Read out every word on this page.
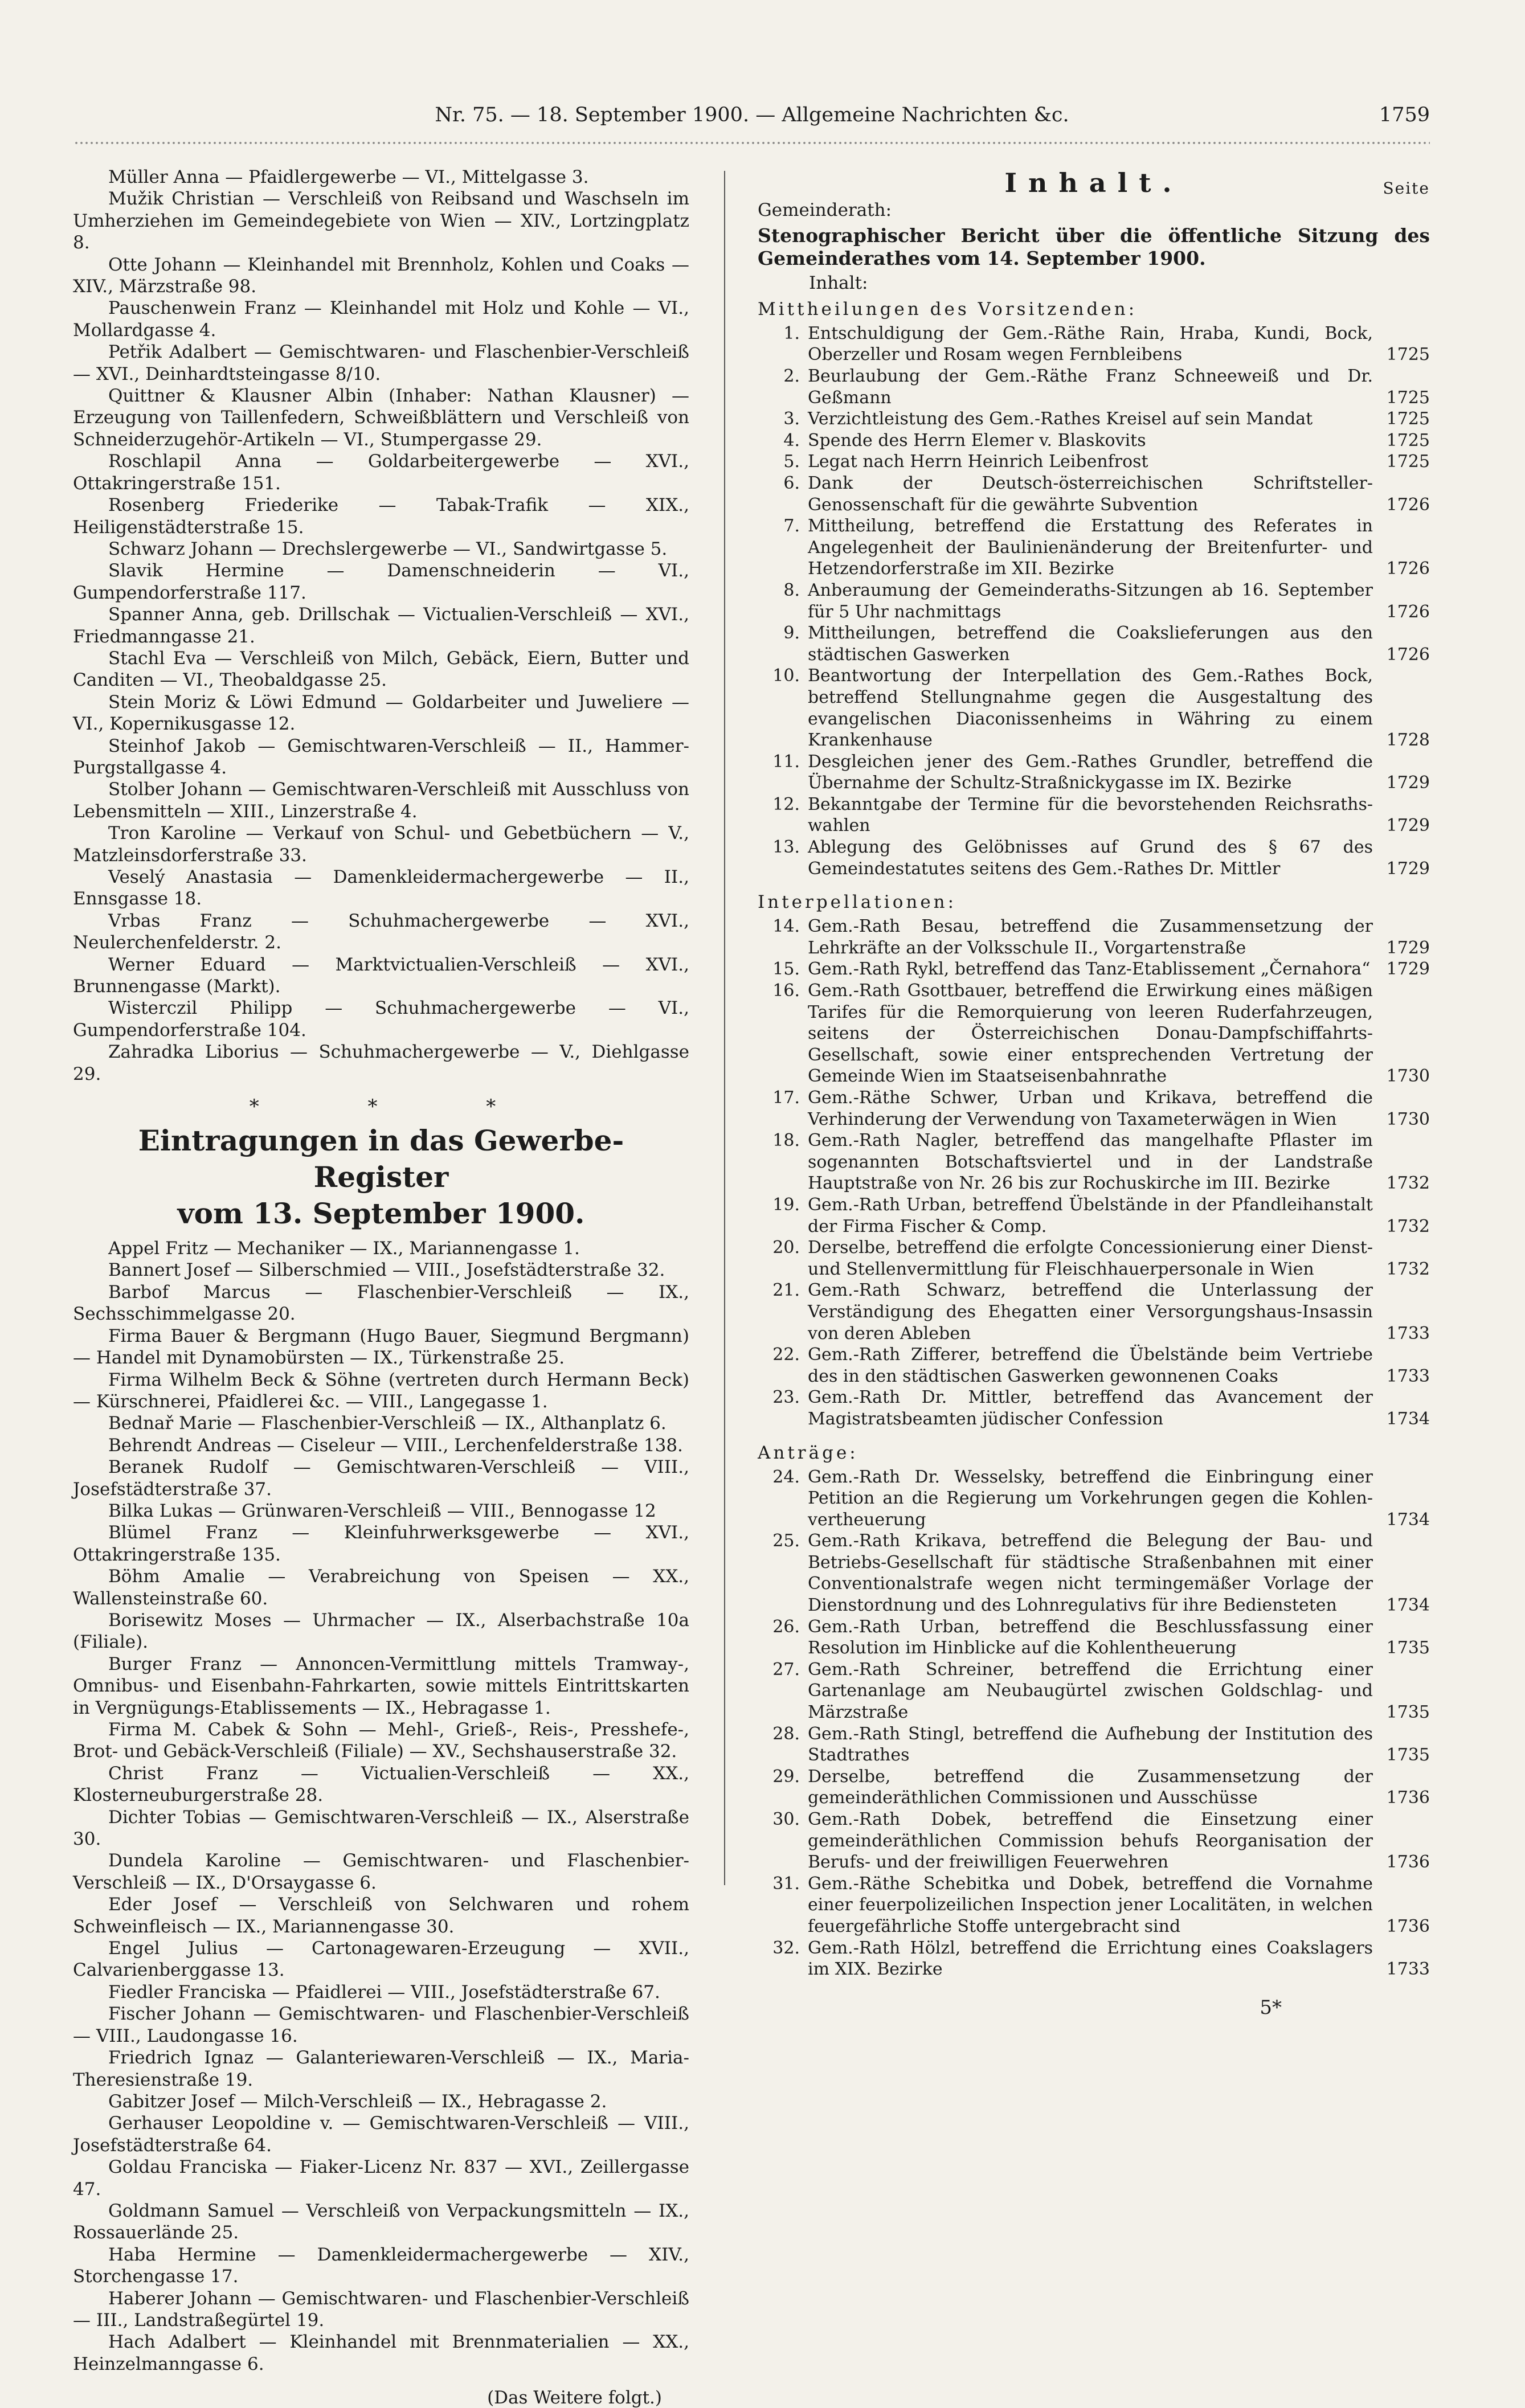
Nr. 75. — 18. September 1900. — Allgemeine Nachrichten &c.	1759
Müller Anna — Pfaidlergewerbe — VI., Mittelgasse 3.
Mužik Christian — Verschleiß von Reibsand und Waschseln im Umherziehen im Gemeindegebiete von Wien — XIV., Lortzingplatz 8.
Otte Johann — Kleinhandel mit Brennholz, Kohlen und Coaks — XIV., Märzstraße 98.
Pauschenwein Franz — Kleinhandel mit Holz und Kohle — VI., Mollardgasse 4.
Petřik Adalbert — Gemischtwaren- und Flaschenbier-Verschleiß — XVI., Deinhardtsteingasse 8/10.
Quittner & Klausner Albin (Inhaber: Nathan Klausner) — Erzeugung von Taillenfedern, Schweißblättern und Verschleiß von Schneiderzugehör-Artikeln — VI., Stumpergasse 29.
Roschlapil Anna — Goldarbeitergewerbe — XVI., Ottakringerstraße 151.
Rosenberg Friederike — Tabak-Trafik — XIX., Heiligenstädterstraße 15.
Schwarz Johann — Drechslergewerbe — VI., Sandwirtgasse 5.
Slavik Hermine — Damenschneiderin — VI., Gumpendorferstraße 117.
Spanner Anna, geb. Drillschak — Victualien-Verschleiß — XVI., Friedmanngasse 21.
Stachl Eva — Verschleiß von Milch, Gebäck, Eiern, Butter und Canditen — VI., Theobaldgasse 25.
Stein Moriz & Löwi Edmund — Goldarbeiter und Juweliere — VI., Kopernikusgasse 12.
Steinhof Jakob — Gemischtwaren-Verschleiß — II., Hammer-Purgstallgasse 4.
Stolber Johann — Gemischtwaren-Verschleiß mit Ausschluss von Lebensmitteln — XIII., Linzerstraße 4.
Tron Karoline — Verkauf von Schul- und Gebetbüchern — V., Matzleinsdorferstraße 33.
Veselý Anastasia — Damenkleidermachergewerbe — II., Ennsgasse 18.
Vrbas Franz — Schuhmachergewerbe — XVI., Neulerchenfelderstr. 2.
Werner Eduard — Marktvictualien-Verschleiß — XVI., Brunnengasse (Markt).
Wisterczil Philipp — Schuhmachergewerbe — VI., Gumpendorferstraße 104.
Zahradka Liborius — Schuhmachergewerbe — V., Diehlgasse 29.
* * *
Eintragungen in das Gewerbe-Register
vom 13. September 1900.
Appel Fritz — Mechaniker — IX., Mariannengasse 1.
Bannert Josef — Silberschmied — VIII., Josefstädterstraße 32.
Barbof Marcus — Flaschenbier-Verschleiß — IX., Sechsschimmelgasse 20.
Firma Bauer & Bergmann (Hugo Bauer, Siegmund Bergmann) — Handel mit Dynamobürsten — IX., Türkenstraße 25.
Firma Wilhelm Beck & Söhne (vertreten durch Hermann Beck) — Kürschnerei, Pfaidlerei &c. — VIII., Langegasse 1.
Bednař Marie — Flaschenbier-Verschleiß — IX., Althanplatz 6.
Behrendt Andreas — Ciseleur — VIII., Lerchenfelderstraße 138.
Beranek Rudolf — Gemischtwaren-Verschleiß — VIII., Josefstädterstraße 37.
Bilka Lukas — Grünwaren-Verschleiß — VIII., Bennogasse 12
Blümel Franz — Kleinfuhrwerksgewerbe — XVI., Ottakringerstraße 135.
Böhm Amalie — Verabreichung von Speisen — XX., Wallensteinstraße 60.
Borisewitz Moses — Uhrmacher — IX., Alserbachstraße 10a (Filiale).
Burger Franz — Annoncen-Vermittlung mittels Tramway-, Omnibus- und Eisenbahn-Fahrkarten, sowie mittels Eintrittskarten in Vergnügungs-Etablissements — IX., Hebragasse 1.
Firma M. Cabek & Sohn — Mehl-, Grieß-, Reis-, Presshefe-, Brot- und Gebäck-Verschleiß (Filiale) — XV., Sechshauserstraße 32.
Christ Franz — Victualien-Verschleiß — XX., Klosterneuburgerstraße 28.
Dichter Tobias — Gemischtwaren-Verschleiß — IX., Alserstraße 30.
Dundela Karoline — Gemischtwaren- und Flaschenbier-Verschleiß — IX., D'Orsaygasse 6.
Eder Josef — Verschleiß von Selchwaren und rohem Schweinfleisch — IX., Mariannengasse 30.
Engel Julius — Cartonagewaren-Erzeugung — XVII., Calvarienberggasse 13.
Fiedler Franciska — Pfaidlerei — VIII., Josefstädterstraße 67.
Fischer Johann — Gemischtwaren- und Flaschenbier-Verschleiß — VIII., Laudongasse 16.
Friedrich Ignaz — Galanteriewaren-Verschleiß — IX., Maria-Theresienstraße 19.
Gabitzer Josef — Milch-Verschleiß — IX., Hebragasse 2.
Gerhauser Leopoldine v. — Gemischtwaren-Verschleiß — VIII., Josefstädterstraße 64.
Goldau Franciska — Fiaker-Licenz Nr. 837 — XVI., Zeillergasse 47.
Goldmann Samuel — Verschleiß von Verpackungsmitteln — IX., Rossauerlände 25.
Haba Hermine — Damenkleidermachergewerbe — XIV., Storchengasse 17.
Haberer Johann — Gemischtwaren- und Flaschenbier-Verschleiß — III., Landstraßegürtel 19.
Hach Adalbert — Kleinhandel mit Brennmaterialien — XX., Heinzelmanngasse 6.
(Das Weitere folgt.)
Inhalt.	Seite
Gemeinderath:
Stenographischer Bericht über die öffentliche Sitzung des Gemeinderathes vom 14. September 1900.
Inhalt:
Mittheilungen des Vorsitzenden:
1. Entschuldigung der Gem.-Räthe Rain, Hraba, Kundi, Bock, Oberzeller und Rosam wegen Fernbleibens	1725
2. Beurlaubung der Gem.-Räthe Franz Schneeweiß und Dr. Geßmann	1725
3. Verzichtleistung des Gem.-Rathes Kreisel auf sein Mandat	1725
4. Spende des Herrn Elemer v. Blaskovits	1725
5. Legat nach Herrn Heinrich Leibenfrost	1725
6. Dank der Deutsch-österreichischen Schriftsteller-Genossenschaft für die gewährte Subvention	1726
7. Mittheilung, betreffend die Erstattung des Referates in Angelegenheit der Baulinienänderung der Breitenfurter- und Hetzendorferstraße im XII. Bezirke	1726
8. Anberaumung der Gemeinderaths-Sitzungen ab 16. September für 5 Uhr nachmittags	1726
9. Mittheilungen, betreffend die Coakslieferungen aus den städtischen Gaswerken	1726
10. Beantwortung der Interpellation des Gem.-Rathes Bock, betreffend Stellungnahme gegen die Ausgestaltung des evangelischen Diaconissenheims in Währing zu einem Krankenhause	1728
11. Desgleichen jener des Gem.-Rathes Grundler, betreffend die Übernahme der Schultz-Straßnickygasse im IX. Bezirke	1729
12. Bekanntgabe der Termine für die bevorstehenden Reichsraths-wahlen	1729
13. Ablegung des Gelöbnisses auf Grund des § 67 des Gemeindestatutes seitens des Gem.-Rathes Dr. Mittler	1729
Interpellationen:
14. Gem.-Rath Besau, betreffend die Zusammensetzung der Lehrkräfte an der Volksschule II., Vorgartenstraße	1729
15. Gem.-Rath Rykl, betreffend das Tanz-Etablissement „Černahora“ 1729
16. Gem.-Rath Gsottbauer, betreffend die Erwirkung eines mäßigen Tarifes für die Remorquierung von leeren Ruderfahrzeugen, seitens der Österreichischen Donau-Dampfschiffahrts-Gesellschaft, sowie einer entsprechenden Vertretung der Gemeinde Wien im Staatseisenbahnrathe	1730
17. Gem.-Räthe Schwer, Urban und Krikava, betreffend die Verhinderung der Verwendung von Taxameterwägen in Wien	1730
18. Gem.-Rath Nagler, betreffend das mangelhafte Pflaster im sogenannten Botschaftsviertel und in der Landstraße Hauptstraße von Nr. 26 bis zur Rochuskirche im III. Bezirke	1732
19. Gem.-Rath Urban, betreffend Übelstände in der Pfandleihanstalt der Firma Fischer & Comp.	1732
20. Derselbe, betreffend die erfolgte Concessionierung einer Dienst- und Stellenvermittlung für Fleischhauerpersonale in Wien	1732
21. Gem.-Rath Schwarz, betreffend die Unterlassung der Verständigung des Ehegatten einer Versorgungshaus-Insassin von deren Ableben	1733
22. Gem.-Rath Zifferer, betreffend die Übelstände beim Vertriebe des in den städtischen Gaswerken gewonnenen Coaks	1733
23. Gem.-Rath Dr. Mittler, betreffend das Avancement der Magistratsbeamten jüdischer Confession	1734
Anträge:
24. Gem.-Rath Dr. Wesselsky, betreffend die Einbringung einer Petition an die Regierung um Vorkehrungen gegen die Kohlen-vertheuerung	1734
25. Gem.-Rath Krikava, betreffend die Belegung der Bau- und Betriebs-Gesellschaft für städtische Straßenbahnen mit einer Conventionalstrafe wegen nicht termingemäßer Vorlage der Dienstordnung und des Lohnregulativs für ihre Bediensteten	1734
26. Gem.-Rath Urban, betreffend die Beschlussfassung einer Resolution im Hinblicke auf die Kohlentheuerung	1735
27. Gem.-Rath Schreiner, betreffend die Errichtung einer Gartenanlage am Neubaugürtel zwischen Goldschlag- und Märzstraße	1735
28. Gem.-Rath Stingl, betreffend die Aufhebung der Institution des Stadtrathes	1735
29. Derselbe, betreffend die Zusammensetzung der gemeinderäthlichen Commissionen und Ausschüsse	1736
30. Gem.-Rath Dobek, betreffend die Einsetzung einer gemeinderäthlichen Commission behufs Reorganisation der Berufs- und der freiwilligen Feuerwehren	1736
31. Gem.-Räthe Schebitka und Dobek, betreffend die Vornahme einer feuerpolizeilichen Inspection jener Localitäten, in welchen feuergefährliche Stoffe untergebracht sind	1736
32. Gem.-Rath Hölzl, betreffend die Errichtung eines Coakslagers im XIX. Bezirke	1733
5*
